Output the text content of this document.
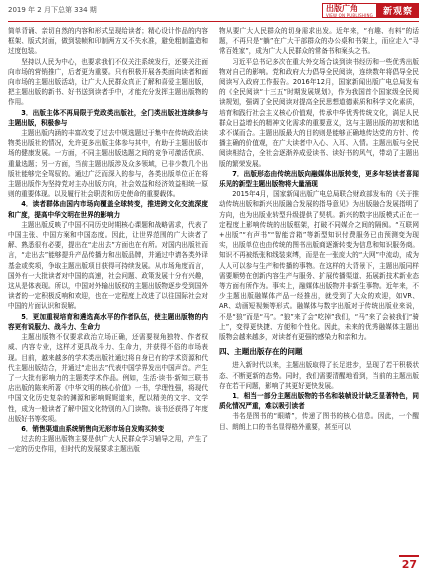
2019 年 2 月下总第 334 期	出版广角
VIEW ON PUBLISHING	新观察

简单背诵、亲切自然的内容和形式呈现给读者；精心设计作品的内容框架、版式封面，做到装帧和印制两方又不失水准，避免粗制滥造和过度包装。

坚持以人民为中心，也要求我们不仅关注系统发行，还要关注面向市场的营销推广，后者更为重要。只有积极开展各类面向读者和面向市场的主题出版活动，让广大人民群众真正了解和喜爱主题出版，把主题出版的新书、好书送到读者手中，才能充分发挥主题出版物的作用。

3．出版主体不再局限于党政类出版社，全门类出版社连续参与主题出版，积极参与

主题出版内涵的丰富改变了过去中规选题过于集中在传统政治读物类出版社的情况，允许更多出版主体参与其中，有助于主题出版市场的健康发展。一方面，不同主题出版选题之间的竞争可激活优质、重量选题；另一方面，当前主题出版涉及众多领域，已非少数几个出版社能够完全驾驭的。通过广泛而深入的参与，各类出版单位正在将主题出版作为坚持党对主办出版方向，社会效益和经济效益相统一原则的重要体现。以及履行社会职责和历史使命的重要载体。

4．读者群体由国内市场向覆盖全球转变，推进跨文化交流深度和广度，提高中华文明在世界的影响力

主题出版反映了中国不同历史时期核心课题和战略需求，代表了中国主张、中国方案和中国态度。因此，让世界范围的广大读者了解、熟悉很有必要，提出在“走出去”方面也在有所。对国内出版社而言，“走出去”能够提升产品传播力和出版品牌，并通过中请各类外译基金或奖项，争取主题出版项目获得可持续发展。从市场角度而言，国外有一大批读者对中国的高速，社会问题、政策发展十分有兴趣，这从是体表现。所以，中国对外输出版权的主题出版物逐步受到国外读者的一定积极反响和欢迎，也在一定程度上改进了以往国际社会对中国的片面认识和误解。

5．更加重视培育和遴选高水平的作者队伍，使主题出版物的内容更有说服力、战斗力、生命力

主题出版物不仅要求政治立场正确，还需要视角独特、作者权威、内容专业，这样才更具战斗力、生命力，并获得不俗的市场表现。目前，越来越多的学术类出版社通过将自身已有的学术资源和代代主题出版结合，并通过“走出去”代表中国学界发出中国声音。产生了一大批有影响力的主题类学术作品。例如，生活·读书·新知三联书店出版的陈来所著《中华文明的核心价值》一书，学理性强，将现代中国文化历史复杂的渊源和影响娓娓道来，配以精美的文字、文学性，成为一般读者了解中国文化特别的入门读物。该书还获得了年度出版好书等奖项。

6．销售渠道由系统销售向无形市场自发购买转变

过去的主题出版物主要是供广大人民群众学习辅导之用，产生了一定的历史作用，但时代的发展要求主题出版

物从要广大人民群众的切身需求出发。近年来，“有趣、有料”的话题，不再只是“躺”在广大干部群众的办公桌和书架上，而应走入“寻常百姓家”，成为广大人民群众的常备书和案头之书。

习近平总书记多次在重大外交场合谈到读书经历和一些优秀出版物对自己的影响。党和政府大力倡导全民阅读，连续数年将倡导全民阅读写入政府工作报告。2016年12月，国家新闻出版广电总局发布的《全民阅读“十三五”时期发展规划》，作为我国首个国家级全民阅读规划，强调了全民阅读对提高全民思想道德素质和科学文化素质，培育和践行社会主义核心价值观，传承中华优秀传统文化，满足人民群众日益增长的精神文化需求的重要意义，这与主题出版的初衷和追求不谋而合。主题出版最大的目的则是能够正确地传达党的方针、传播主确的价值观，在广大读者中入心、入耳、入情。主题出版与全民阅读相结合，全社会逐渐养成爱读书、读好书的风气，带动了主题出版的繁荣发展。

7．出版形态由传统出版向融媒体出版转变，更多年轻读者喜闻乐见的新型主题出版物将大量涌现

2015年4月，国家新闻出版广电总局联合财政部发布的《关于推动传统出版和新兴出版融合发展的指导意见》为出版融合发展指明了方向，也为出版业转型升级提供了契机。新兴的数字出版模式正在一定程度上影响传统的出版框架，打破不同媒介之间的隔阂。“互联网+出版”“有声书”“智能音箱”等新型知识付费服务已由预测变为现实，出版单位也由传统的图书出版商逐渐转变为信息和知识服务商。知识不再被纸张和线装束缚，而是在一张庞大的“大网”中流动，成为人人可以参与生产和传播的事物。在这样的大背景下，主题出版同样需要顺势在创新内容生产与服务、扩展传播渠道、拓展新技术新业态等方面有所作为。事实上，融媒体出版物并非新生事物。近年来，不少主题出版融媒体产品一经推出，就受到了大众的欢迎，如VR、AR、动画短视频等形式。融媒体与数字出版对于传统出版业来说，不是“狼”而是“马”。“狼”来了会“吃掉”我们，“马”来了会被我们“骑上”，变得更快捷、方便和个性化。因此，未来的优秀融媒体主题出版物会越来越多，对读者有更强的感染力和亲和力。

四、主题出版存在的问题

进入新时代以来，主题出版取得了长足进步，呈现了若干积极状态、不断更新的态势。同时，我们需要清醒地看到，当前的主题出版存在若干问题，影响了其更好更快发展。

1．相当一部分主题出版物的书名和装帧设计缺乏显著特色，同质化情况严重，难以吸引读者

书名是图书的“眼睛”，传递了图书的核心信息。因此，一个醒目、朗朗上口的书名显得格外重要，甚至可以

27
